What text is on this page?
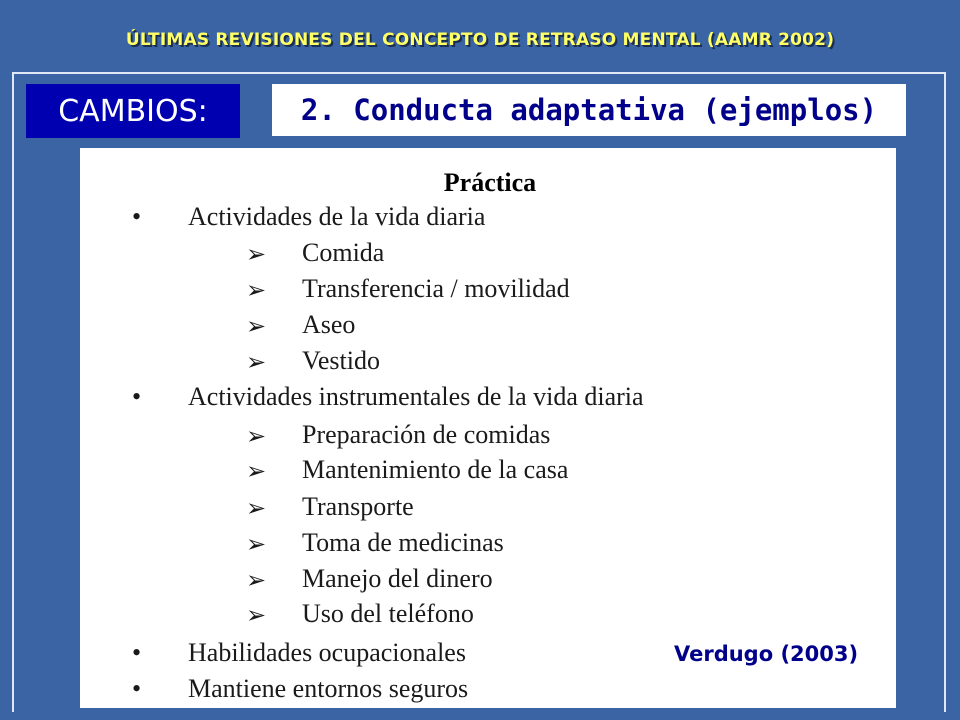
ÚLTIMAS REVISIONES DEL CONCEPTO DE RETRASO MENTAL (AAMR 2002)
CAMBIOS:	2. Conducta adaptativa (ejemplos)
Práctica
Actividades de la vida diaria
Comida
Transferencia / movilidad
Aseo
Vestido
Actividades instrumentales de la vida diaria
Preparación de comidas
Mantenimiento de la casa
Transporte
Toma de medicinas
Manejo del dinero
Uso del teléfono
Habilidades ocupacionales
Mantiene entornos seguros
•
•
•
•
➢
➢
➢
➢
➢
➢
➢
➢
➢
➢
Verdugo (2003)
